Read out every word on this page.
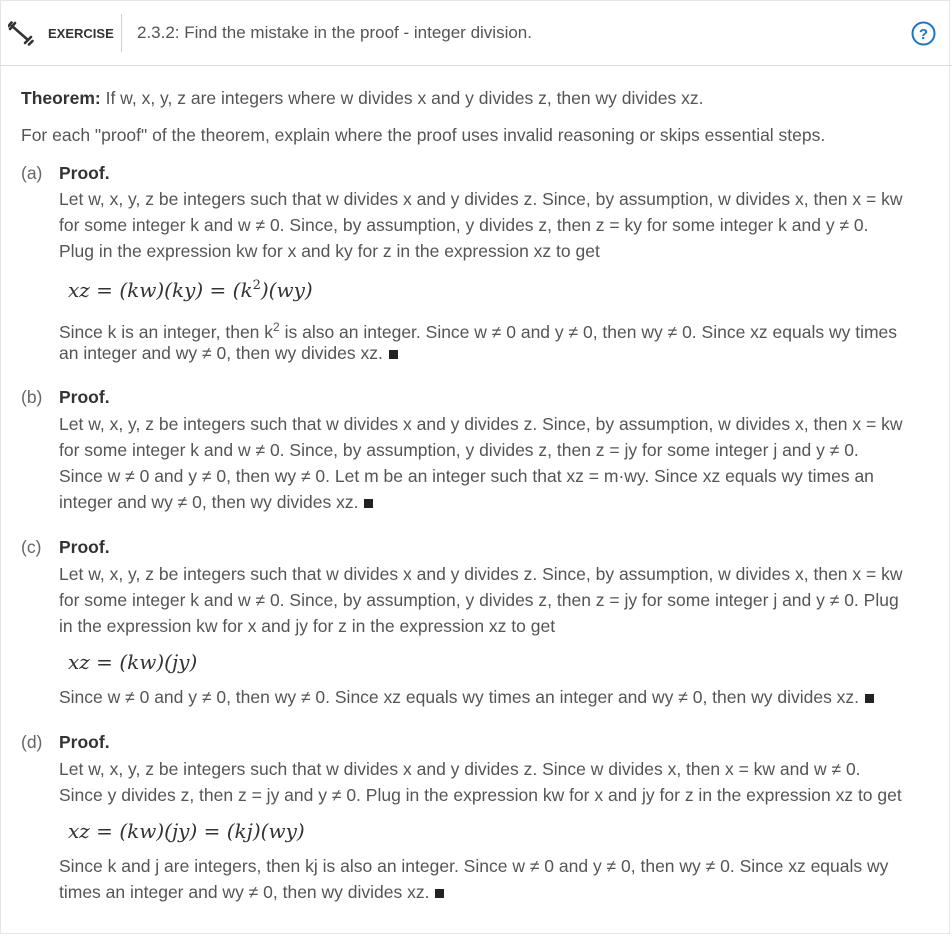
EXERCISE 2.3.2: Find the mistake in the proof - integer division.	?
Theorem: If w, x, y, z are integers where w divides x and y divides z, then wy divides xz.
For each "proof" of the theorem, explain where the proof uses invalid reasoning or skips essential steps.
(a) Proof.
Let w, x, y, z be integers such that w divides x and y divides z. Since, by assumption, w divides x, then x = kw
for some integer k and w ≠ 0. Since, by assumption, y divides z, then z = ky for some integer k and y ≠ 0.
Plug in the expression kw for x and ky for z in the expression xz to get
xz = $(kw)(ky) = (k^2)(wy)$
Since k is an integer, then $k^2$ is also an integer. Since w ≠ 0 and y ≠ 0, then wy ≠ 0. Since xz equals wy times
an integer and wy ≠ 0, then wy divides xz.
(b) Proof.
Let w, x, y, z be integers such that w divides x and y divides z. Since, by assumption, w divides x, then x = kw
for some integer k and w ≠ 0. Since, by assumption, y divides z, then z = jy for some integer j and y ≠ 0.
Since w ≠ 0 and y ≠ 0, then wy ≠ 0. Let m be an integer such that xz = m·wy. Since xz equals wy times an
integer and wy ≠ 0, then wy divides xz.
(c) Proof.
Let w, x, y, z be integers such that w divides x and y divides z. Since, by assumption, w divides x, then x = kw
for some integer k and w ≠ 0. Since, by assumption, y divides z, then z = jy for some integer j and y ≠ 0. Plug
in the expression kw for x and jy for z in the expression xz to get
xz = (kw)(jy)
Since w ≠ 0 and y ≠ 0, then wy ≠ 0. Since xz equals wy times an integer and wy ≠ 0, then wy divides xz.
(d) Proof.
Let w, x, y, z be integers such that w divides x and y divides z. Since w divides x, then x = kw and w ≠ 0.
Since y divides z, then z = jy and y ≠ 0. Plug in the expression kw for x and jy for z in the expression xz to get
xz = (kw)(jy) = (kj)(wy)
Since k and j are integers, then kj is also an integer. Since w ≠ 0 and y ≠ 0, then wy ≠ 0. Since xz equals wy
times an integer and wy ≠ 0, then wy divides xz.
